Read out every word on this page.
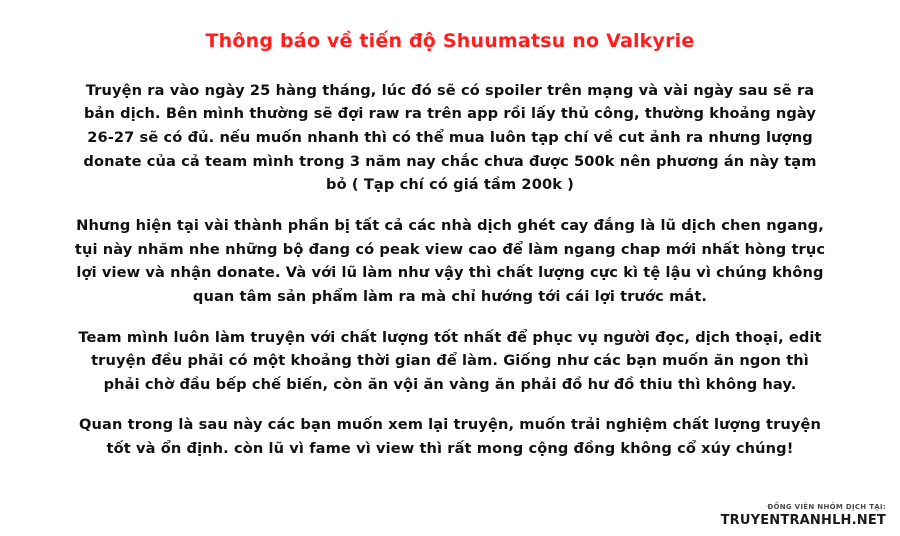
Thông báo về tiến độ Shuumatsu no Valkyrie

Truyện ra vào ngày 25 hàng tháng, lúc đó sẽ có spoiler trên mạng và vài ngày sau sẽ ra bản dịch. Bên mình thường sẽ đợi raw ra trên app rồi lấy thủ công, thường khoảng ngày 26-27 sẽ có đủ. nếu muốn nhanh thì có thể mua luôn tạp chí về cut ảnh ra nhưng lượng donate của cả team mình trong 3 năm nay chắc chưa được 500k nên phương án này tạm bỏ ( Tạp chí có giá tầm 200k )

Nhưng hiện tại vài thành phần bị tất cả các nhà dịch ghét cay đắng là lũ dịch chen ngang, tụi này nhăm nhe những bộ đang có peak view cao để làm ngang chap mới nhất hòng trục lợi view và nhận donate. Và với lũ làm như vậy thì chất lượng cực kì tệ lậu vì chúng không quan tâm sản phẩm làm ra mà chỉ hướng tới cái lợi trước mắt.

Team mình luôn làm truyện với chất lượng tốt nhất để phục vụ người đọc, dịch thoại, edit truyện đều phải có một khoảng thời gian để làm. Giống như các bạn muốn ăn ngon thì phải chờ đầu bếp chế biến, còn ăn vội ăn vàng ăn phải đồ hư đồ thiu thì không hay.

Quan trong là sau này các bạn muốn xem lại truyện, muốn trải nghiệm chất lượng truyện tốt và ổn định. còn lũ vì fame vì view thì rất mong cộng đồng không cổ xúy chúng!

ĐỒNG VIÊN NHÓM DỊCH TẠI:
TRUYENTRANHLH.NET
